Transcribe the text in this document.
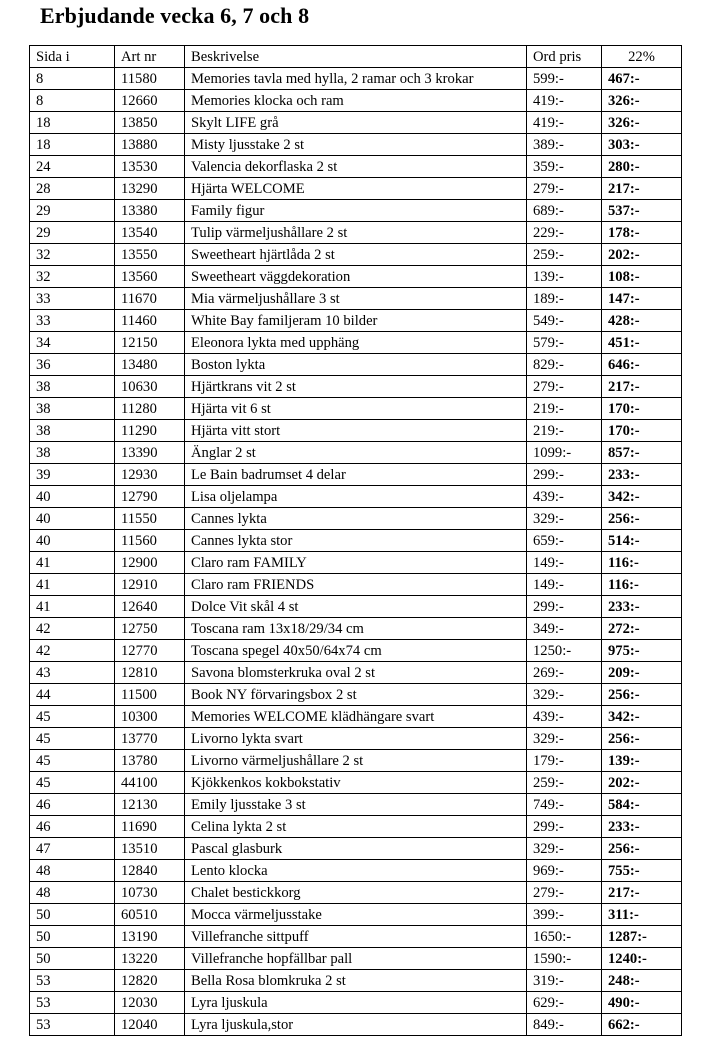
Erbjudande vecka 6, 7 och 8
Sida i	Art nr	Beskrivelse	Ord pris	22%
8	11580	Memories tavla med hylla, 2 ramar och 3 krokar	599:-	467:-
8	12660	Memories klocka och ram	419:-	326:-
18	13850	Skylt LIFE grå	419:-	326:-
18	13880	Misty ljusstake 2 st	389:-	303:-
24	13530	Valencia dekorflaska 2 st	359:-	280:-
28	13290	Hjärta WELCOME	279:-	217:-
29	13380	Family figur	689:-	537:-
29	13540	Tulip värmeljushållare 2 st	229:-	178:-
32	13550	Sweetheart hjärtlåda 2 st	259:-	202:-
32	13560	Sweetheart väggdekoration	139:-	108:-
33	11670	Mia värmeljushållare 3 st	189:-	147:-
33	11460	White Bay familjeram 10 bilder	549:-	428:-
34	12150	Eleonora lykta med upphäng	579:-	451:-
36	13480	Boston lykta	829:-	646:-
38	10630	Hjärtkrans vit 2 st	279:-	217:-
38	11280	Hjärta vit 6 st	219:-	170:-
38	11290	Hjärta vitt stort	219:-	170:-
38	13390	Änglar 2 st	1099:-	857:-
39	12930	Le Bain badrumset 4 delar	299:-	233:-
40	12790	Lisa oljelampa	439:-	342:-
40	11550	Cannes lykta	329:-	256:-
40	11560	Cannes lykta stor	659:-	514:-
41	12900	Claro ram FAMILY	149:-	116:-
41	12910	Claro ram FRIENDS	149:-	116:-
41	12640	Dolce Vit skål 4 st	299:-	233:-
42	12750	Toscana ram 13x18/29/34 cm	349:-	272:-
42	12770	Toscana spegel 40x50/64x74 cm	1250:-	975:-
43	12810	Savona blomsterkruka oval 2 st	269:-	209:-
44	11500	Book NY förvaringsbox 2 st	329:-	256:-
45	10300	Memories WELCOME klädhängare svart	439:-	342:-
45	13770	Livorno lykta svart	329:-	256:-
45	13780	Livorno värmeljushållare 2 st	179:-	139:-
45	44100	Kjökkenkos kokbokstativ	259:-	202:-
46	12130	Emily ljusstake 3 st	749:-	584:-
46	11690	Celina lykta 2 st	299:-	233:-
47	13510	Pascal glasburk	329:-	256:-
48	12840	Lento klocka	969:-	755:-
48	10730	Chalet bestickkorg	279:-	217:-
50	60510	Mocca värmeljusstake	399:-	311:-
50	13190	Villefranche sittpuff	1650:-	1287:-
50	13220	Villefranche hopfällbar pall	1590:-	1240:-
53	12820	Bella Rosa blomkruka 2 st	319:-	248:-
53	12030	Lyra ljuskula	629:-	490:-
53	12040	Lyra ljuskula,stor	849:-	662:-
